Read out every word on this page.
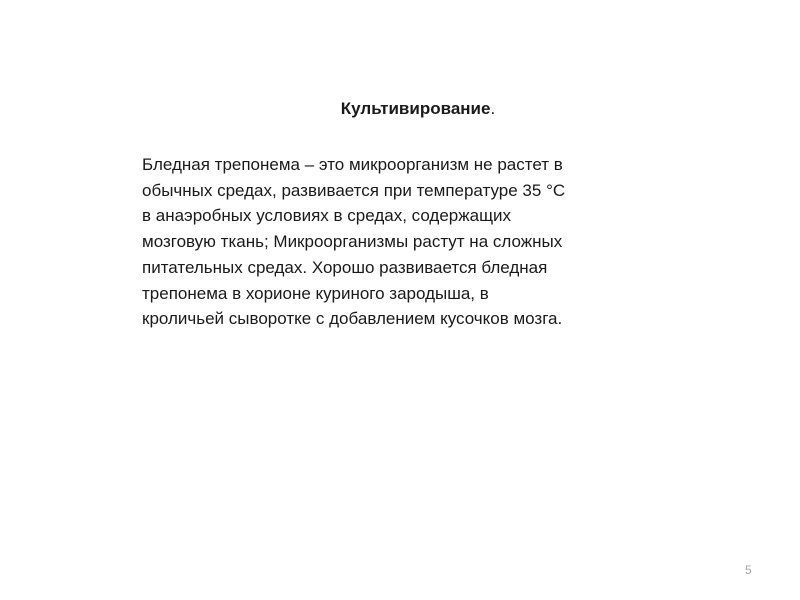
Культивирование.
Бледная трепонема – это микроорганизм не растет в
обычных средах, развивается при температуре 35 °С
в анаэробных условиях в средах, содержащих
мозговую ткань; Микроорганизмы растут на сложных
питательных средах. Хорошо развивается бледная
трепонема в хорионе куриного зародыша, в
кроличьей сыворотке с добавлением кусочков мозга.
5
